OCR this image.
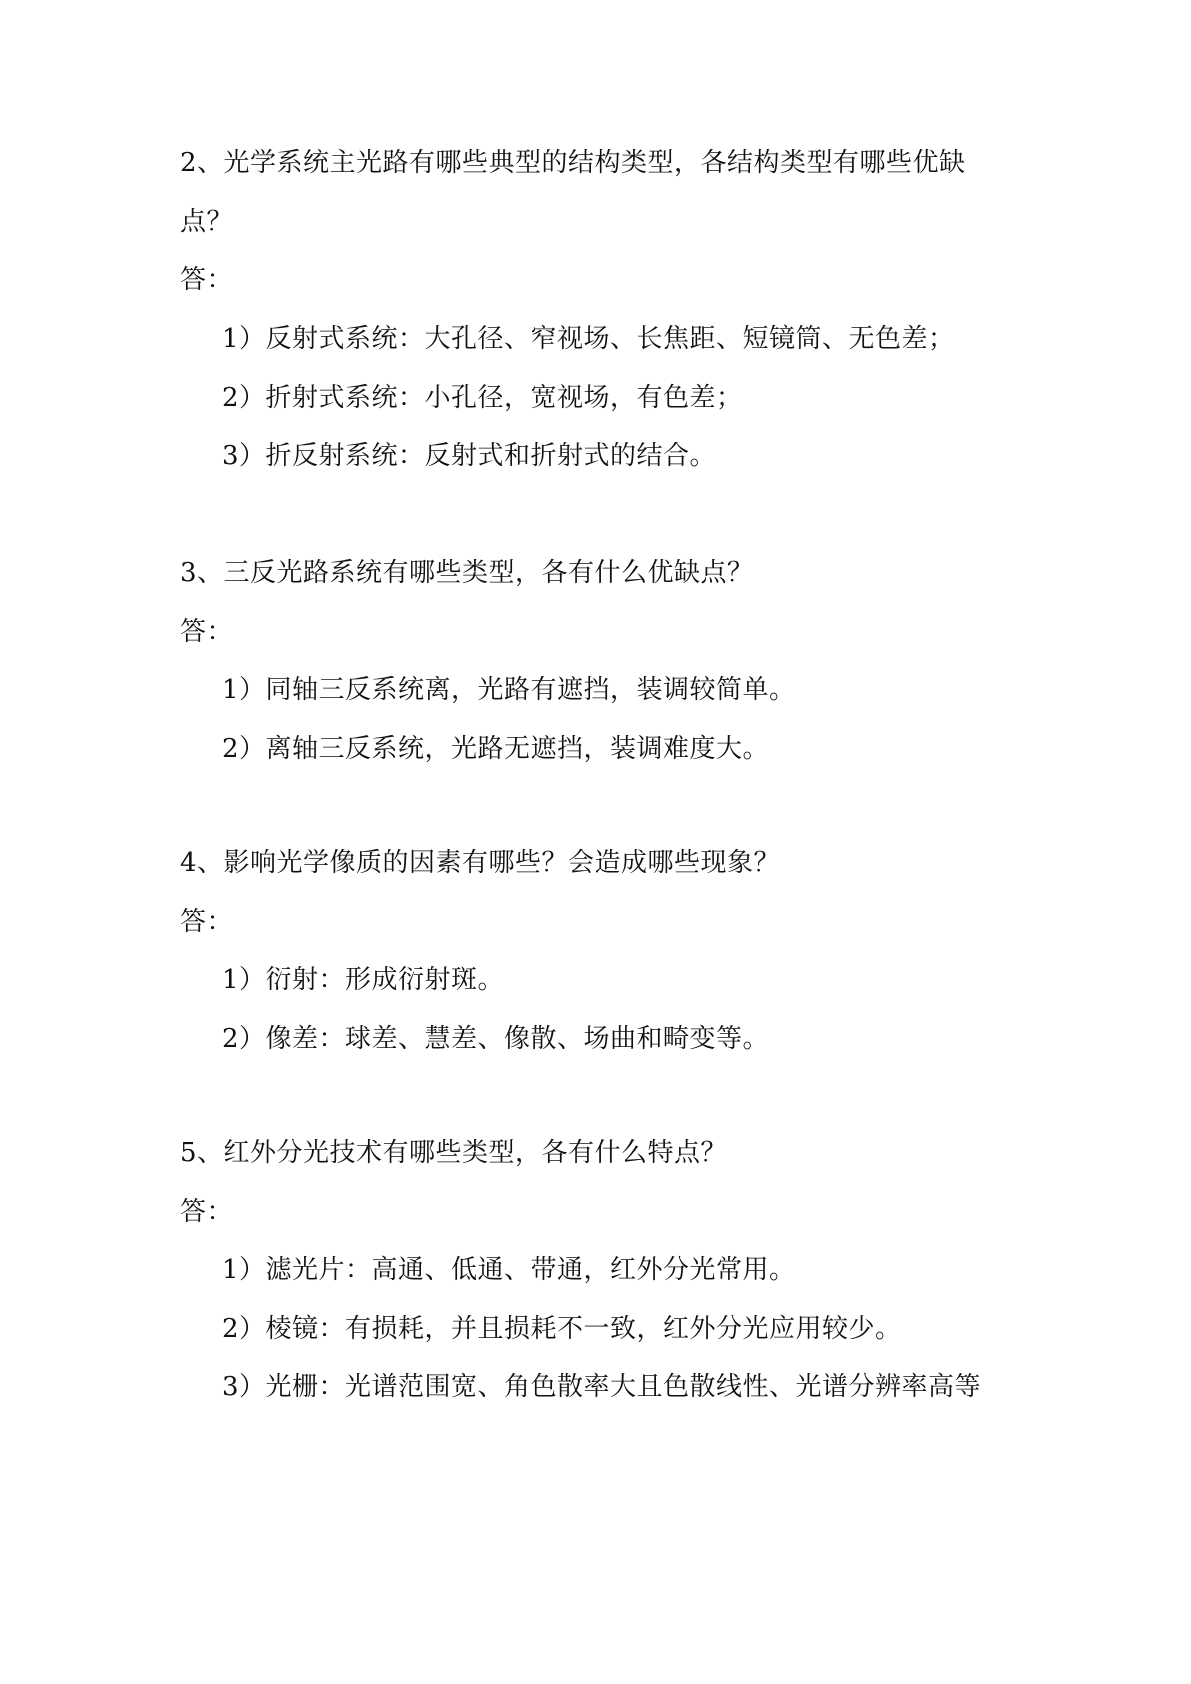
2、光学系统主光路有哪些典型的结构类型，各结构类型有哪些优缺
点？
答：
1）反射式系统：大孔径、窄视场、长焦距、短镜筒、无色差；
2）折射式系统：小孔径，宽视场，有色差；
3）折反射系统：反射式和折射式的结合。
3、三反光路系统有哪些类型，各有什么优缺点？
答：
1）同轴三反系统离，光路有遮挡，装调较简单。
2）离轴三反系统，光路无遮挡，装调难度大。
4、影响光学像质的因素有哪些？会造成哪些现象？
答：
1）衍射：形成衍射斑。
2）像差：球差、慧差、像散、场曲和畸变等。
5、红外分光技术有哪些类型，各有什么特点？
答：
1）滤光片：高通、低通、带通，红外分光常用。
2）棱镜：有损耗，并且损耗不一致，红外分光应用较少。
3）光栅：光谱范围宽、角色散率大且色散线性、光谱分辨率高等
